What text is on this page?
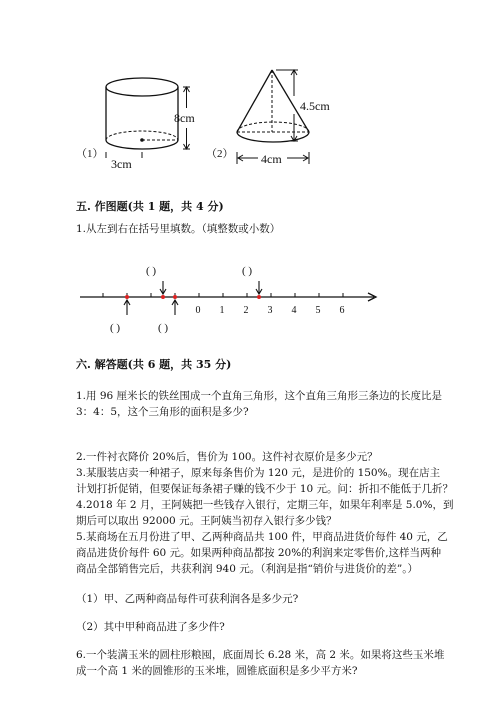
8cm
（1）
3cm
4.5cm
（2） 4cm
五. 作图题(共 1 题，共 4 分)
1.从左到右在括号里填数。（填整数或小数）
0 1 2 3 4 5 6
( )	( )
( )	( )
六. 解答题(共 6 题，共 35 分)
1.用 96 厘米长的铁丝围成一个直角三角形，这个直角三角形三条边的长度比是
3：4：5，这个三角形的面积是多少?
2.一件衬衣降价 20%后，售价为 100。这件衬衣原价是多少元？
3.某服装店卖一种裙子，原来每条售价为 120 元，是进价的 150%。现在店主
计划打折促销，但要保证每条裙子赚的钱不少于 10 元。问：折扣不能低于几折？
4.2018 年 2 月，王阿姨把一些钱存入银行，定期三年，如果年利率是 5.0%，到
期后可以取出 92000 元。王阿姨当初存入银行多少钱？
5.某商场在五月份进了甲、乙两种商品共 100 件，甲商品进货价每件 40 元，乙
商品进货价每件 60 元。如果两种商品都按 20%的利润来定零售价,这样当两种
商品全部销售完后，共获利润 940 元。（利润是指“销价与进货价的差”。）
（1）甲、乙两种商品每件可获利润各是多少元?
（2）其中甲种商品进了多少件?
6.一个装满玉米的圆柱形粮囤，底面周长 6.28 米，高 2 米。如果将这些玉米堆
成一个高 1 米的圆锥形的玉米堆，圆锥底面积是多少平方米?
